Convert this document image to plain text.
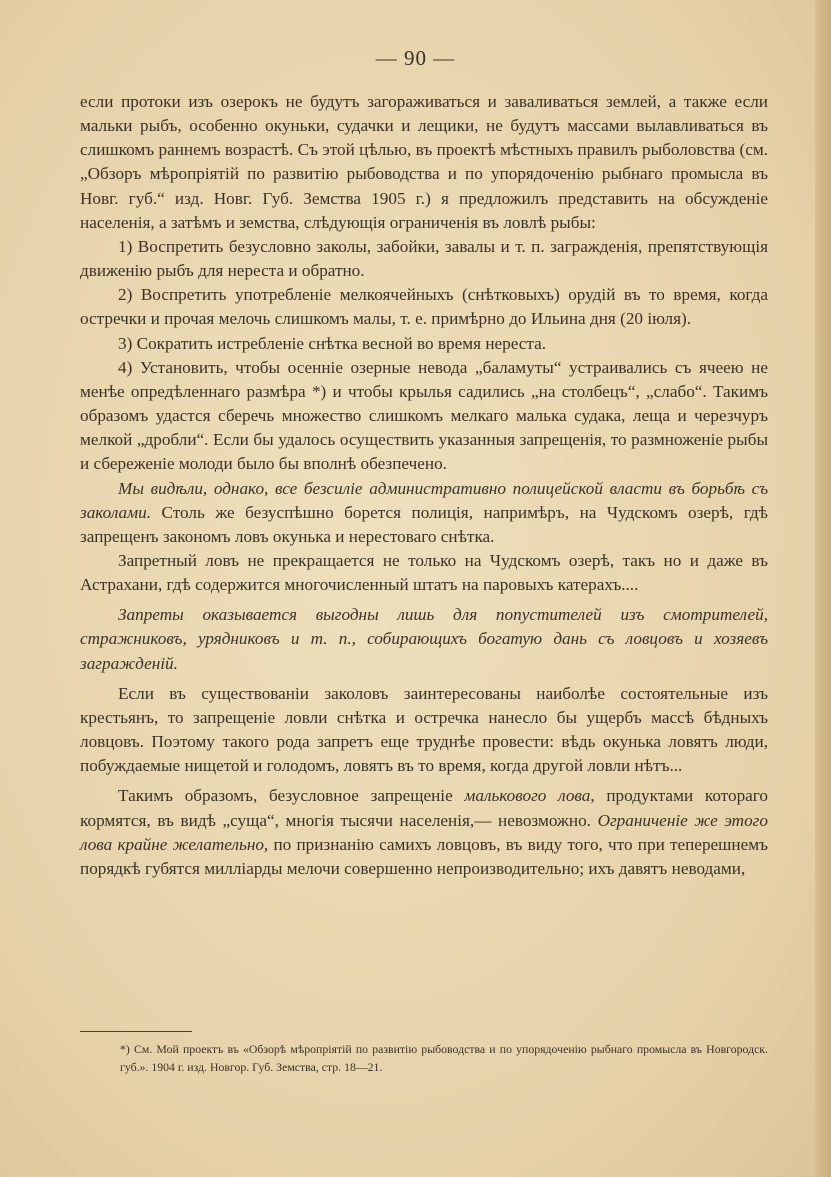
— 90 —

если протоки изъ озерокъ не будутъ загораживаться и заваливаться землей, а также если мальки рыбъ, особенно окуньки, судачки и лещики, не будутъ массами вылавливаться въ слишкомъ раннемъ возрастѣ. Съ этой цѣлью, въ проектѣ мѣстныхъ правилъ рыболовства (см. „Обзоръ мѣропріятій по развитію рыбоводства и по упорядоченію рыбнаго промысла въ Новг. губ.“ изд. Новг. Губ. Земства 1905 г.) я предложилъ представить на обсужденіе населенія, а затѣмъ и земства, слѣдующія ограниченія въ ловлѣ рыбы:

1) Воспретить безусловно заколы, забойки, завалы и т. п. загражденія, препятствующія движенію рыбъ для нереста и обратно.

2) Воспретить употребленіе мелкоячейныхъ (снѣтковыхъ) орудій въ то время, когда остречки и прочая мелочь слишкомъ малы, т. е. примѣрно до Ильина дня (20 іюля).

3) Сократить истребленіе снѣтка весной во время нереста.

4) Установить, чтобы осенніе озерные невода „баламуты“ устраивались съ ячеею не менѣе опредѣленнаго размѣра *) и чтобы крылья садились „на столбецъ“, „слабо“. Такимъ образомъ удастся сберечь множество слишкомъ мелкаго малька судака, леща и черезчуръ мелкой „дробли“. Если бы удалось осуществить указанныя запрещенія, то размноженіе рыбы и сбереженіе молоди было бы вполнѣ обезпечено.

Мы видѣли, однако, все безсиліе административно полицейской власти въ борьбѣ съ заколами. Столь же безуспѣшно борется полиція, напримѣръ, на Чудскомъ озерѣ, гдѣ запрещенъ закономъ ловъ окунька и нерестоваго снѣтка.

Запретный ловъ не прекращается не только на Чудскомъ озерѣ, такъ но и даже въ Астрахани, гдѣ содержится многочисленный штатъ на паровыхъ катерахъ....

Запреты оказывается выгодны лишь для попустителей изъ смотрителей, стражниковъ, урядниковъ и т. п., собирающихъ богатую дань съ ловцовъ и хозяевъ загражденій.

Если въ существованіи заколовъ заинтересованы наиболѣе состоятельные изъ крестьянъ, то запрещеніе ловли снѣтка и остречка нанесло бы ущербъ массѣ бѣдныхъ ловцовъ. Поэтому такого рода запретъ еще труднѣе провести: вѣдь окунька ловятъ люди, побуждаемые нищетой и голодомъ, ловятъ въ то время, когда другой ловли нѣтъ...

Такимъ образомъ, безусловное запрещеніе малькового лова, продуктами котораго кормятся, въ видѣ „суща“, многія тысячи населенія,— невозможно. Ограниченіе же этого лова крайне желательно, по признанію самихъ ловцовъ, въ виду того, что при теперешнемъ порядкѣ губятся милліарды мелочи совершенно непроизводительно; ихъ давятъ неводами,

*) См. Мой проектъ въ «Обзорѣ мѣропріятій по развитію рыбоводства и по упорядоченію рыбнаго промысла въ Новгородск. губ.». 1904 г. изд. Новгор. Губ. Земства, стр. 18—21.
